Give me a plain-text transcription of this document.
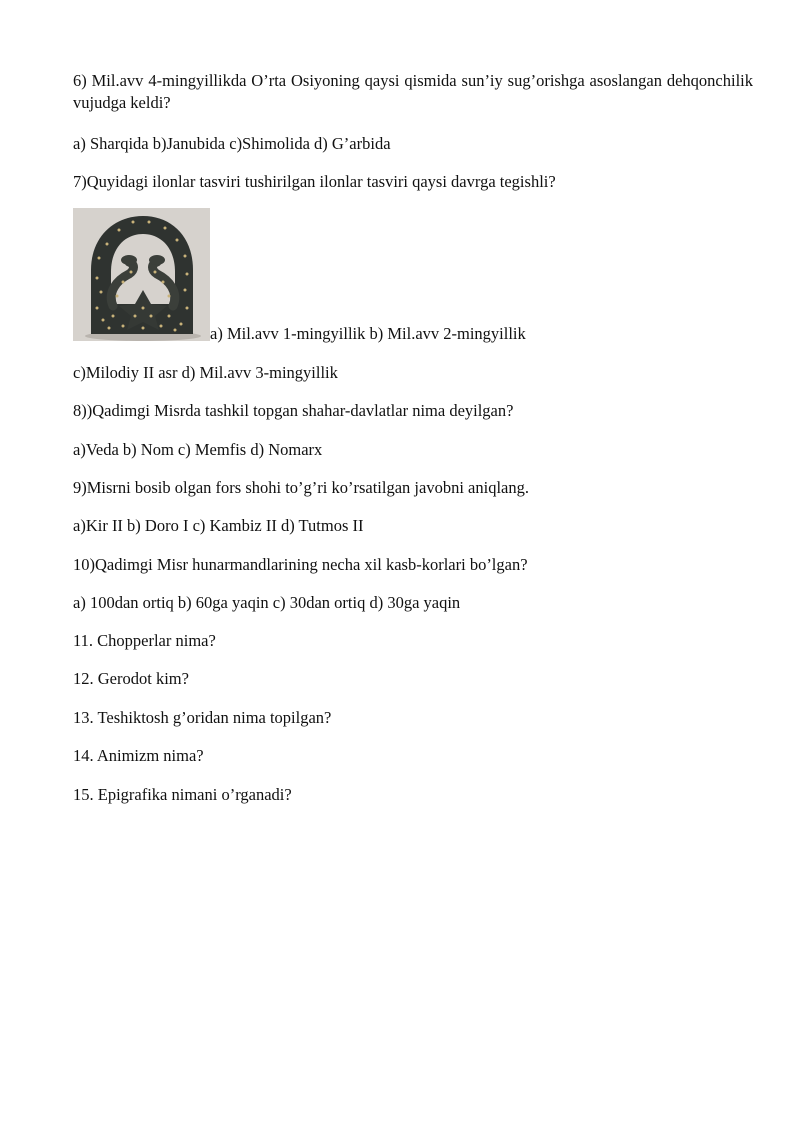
6) Mil.avv 4-mingyillikda O’rta Osiyoning qaysi qismida sun’iy sug’orishga asoslangan dehqonchilik vujudga keldi?

a) Sharqida b)Janubida c)Shimolida d) G’arbida

7)Quyidagi ilonlar tasviri tushirilgan ilonlar tasviri qaysi davrga tegishli?

a) Mil.avv 1-mingyillik b) Mil.avv 2-mingyillik

c)Milodiy II asr d) Mil.avv 3-mingyillik

8))Qadimgi Misrda tashkil topgan shahar-davlatlar nima deyilgan?

a)Veda b) Nom c) Memfis d) Nomarx

9)Misrni bosib olgan fors shohi to’g’ri ko’rsatilgan javobni aniqlang.

a)Kir II b) Doro I c) Kambiz II d) Tutmos II

10)Qadimgi Misr hunarmandlarining necha xil kasb-korlari bo’lgan?

a) 100dan ortiq b) 60ga yaqin c) 30dan ortiq d) 30ga yaqin

11. Chopperlar nima?

12. Gerodot kim?

13. Teshiktosh g’oridan nima topilgan?

14. Animizm nima?

15. Epigrafika nimani o’rganadi?
